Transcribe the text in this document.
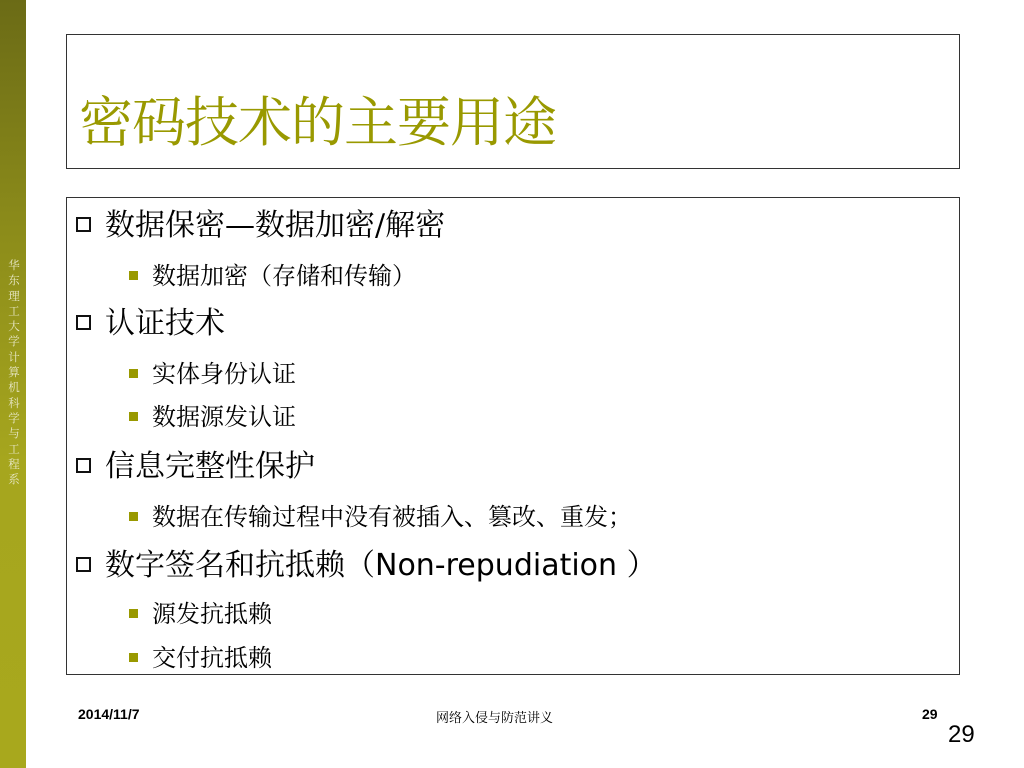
华东理工大学计算机科学与工程系
密码技术的主要用途
数据保密—数据加密/解密
数据加密（存储和传输）
认证技术
实体身份认证
数据源发认证
信息完整性保护
数据在传输过程中没有被插入、篡改、重发；
数字签名和抗抵赖（Non-repudiation ）
源发抗抵赖
交付抗抵赖
2014/11/7	网络入侵与防范讲义	29
29
